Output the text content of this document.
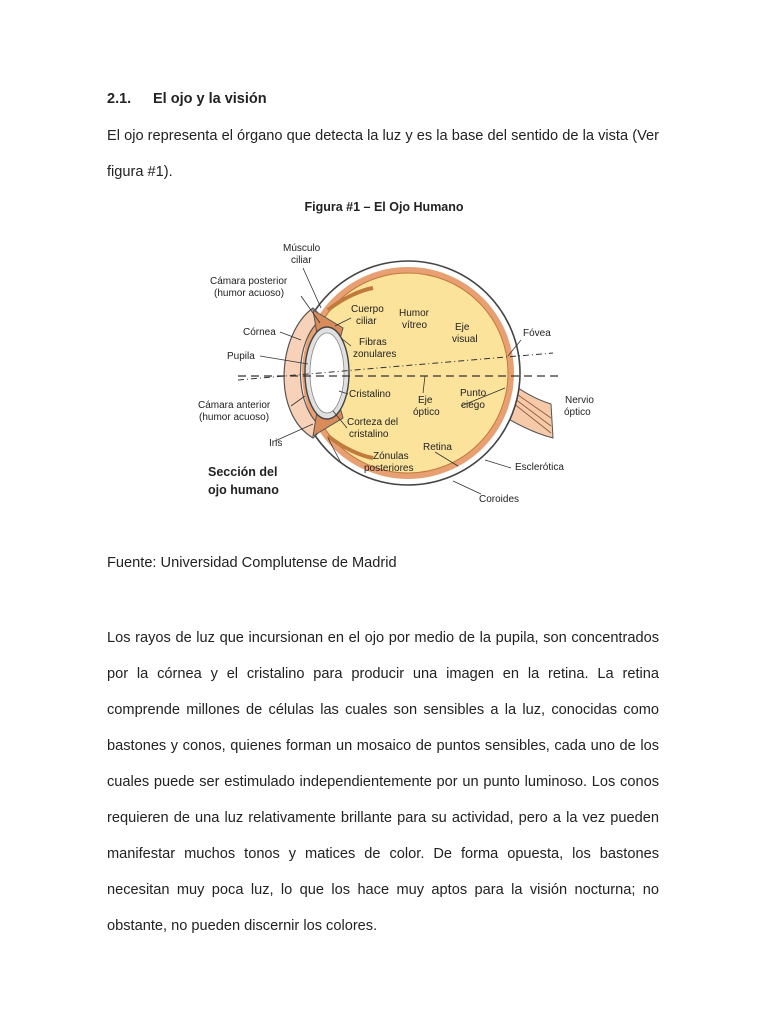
2.1. El ojo y la visión

El ojo representa el órgano que detecta la luz y es la base del sentido de la vista (Ver figura #1).

Figura #1 – El Ojo Humano
Músculo
ciliar
Cámara posterior
(humor acuoso)
Córnea
Pupila
Cámara anterior
(humor acuoso)
Iris
Cuerpo
ciliar
Humor
vítreo	Eje
visual
Fibras
zonulares
Cristalino
Eje
óptico
Punto
ciego
Corteza del
cristalino
Retina
Zónulas
posteriores
Fóvea
Nervio
óptico
Esclerótica
Coroides
Sección del
ojo humano
Fuente: Universidad Complutense de Madrid

Los rayos de luz que incursionan en el ojo por medio de la pupila, son concentrados por la córnea y el cristalino para producir una imagen en la retina. La retina comprende millones de células las cuales son sensibles a la luz, conocidas como bastones y conos, quienes forman un mosaico de puntos sensibles, cada uno de los cuales puede ser estimulado independientemente por un punto luminoso. Los conos requieren de una luz relativamente brillante para su actividad, pero a la vez pueden manifestar muchos tonos y matices de color. De forma opuesta, los bastones necesitan muy poca luz, lo que los hace muy aptos para la visión nocturna; no obstante, no pueden discernir los colores.
